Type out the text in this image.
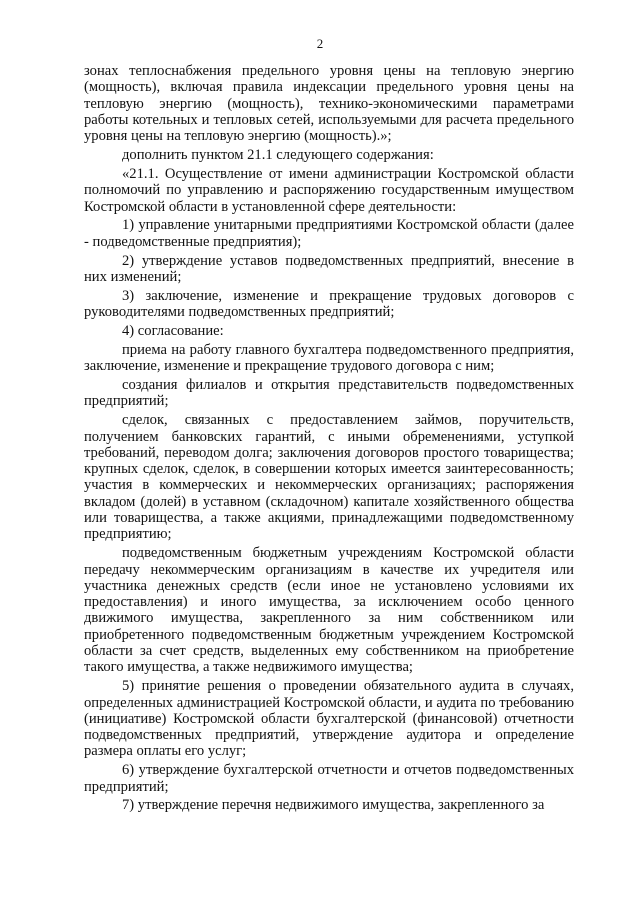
2

зонах теплоснабжения предельного уровня цены на тепловую энергию (мощность), включая правила индексации предельного уровня цены на тепловую энергию (мощность), технико-экономическими параметрами работы котельных и тепловых сетей, используемыми для расчета предельного уровня цены на тепловую энергию (мощность).»;

дополнить пунктом 21.1 следующего содержания:

«21.1. Осуществление от имени администрации Костромской области полномочий по управлению и распоряжению государственным имуществом Костромской области в установленной сфере деятельности:

1) управление унитарными предприятиями Костромской области (далее - подведомственные предприятия);

2) утверждение уставов подведомственных предприятий, внесение в них изменений;

3) заключение, изменение и прекращение трудовых договоров с руководителями подведомственных предприятий;

4) согласование:

приема на работу главного бухгалтера подведомственного предприятия, заключение, изменение и прекращение трудового договора с ним;

создания филиалов и открытия представительств подведомственных предприятий;

сделок, связанных с предоставлением займов, поручительств, получением банковских гарантий, с иными обременениями, уступкой требований, переводом долга; заключения договоров простого товарищества; крупных сделок, сделок, в совершении которых имеется заинтересованность; участия в коммерческих и некоммерческих организациях; распоряжения вкладом (долей) в уставном (складочном) капитале хозяйственного общества или товарищества, а также акциями, принадлежащими подведомственному предприятию;

подведомственным бюджетным учреждениям Костромской области передачу некоммерческим организациям в качестве их учредителя или участника денежных средств (если иное не установлено условиями их предоставления) и иного имущества, за исключением особо ценного движимого имущества, закрепленного за ним собственником или приобретенного подведомственным бюджетным учреждением Костромской области за счет средств, выделенных ему собственником на приобретение такого имущества, а также недвижимого имущества;

5) принятие решения о проведении обязательного аудита в случаях, определенных администрацией Костромской области, и аудита по требованию (инициативе) Костромской области бухгалтерской (финансовой) отчетности подведомственных предприятий, утверждение аудитора и определение размера оплаты его услуг;

6) утверждение бухгалтерской отчетности и отчетов подведомственных предприятий;

7) утверждение перечня недвижимого имущества, закрепленного за
